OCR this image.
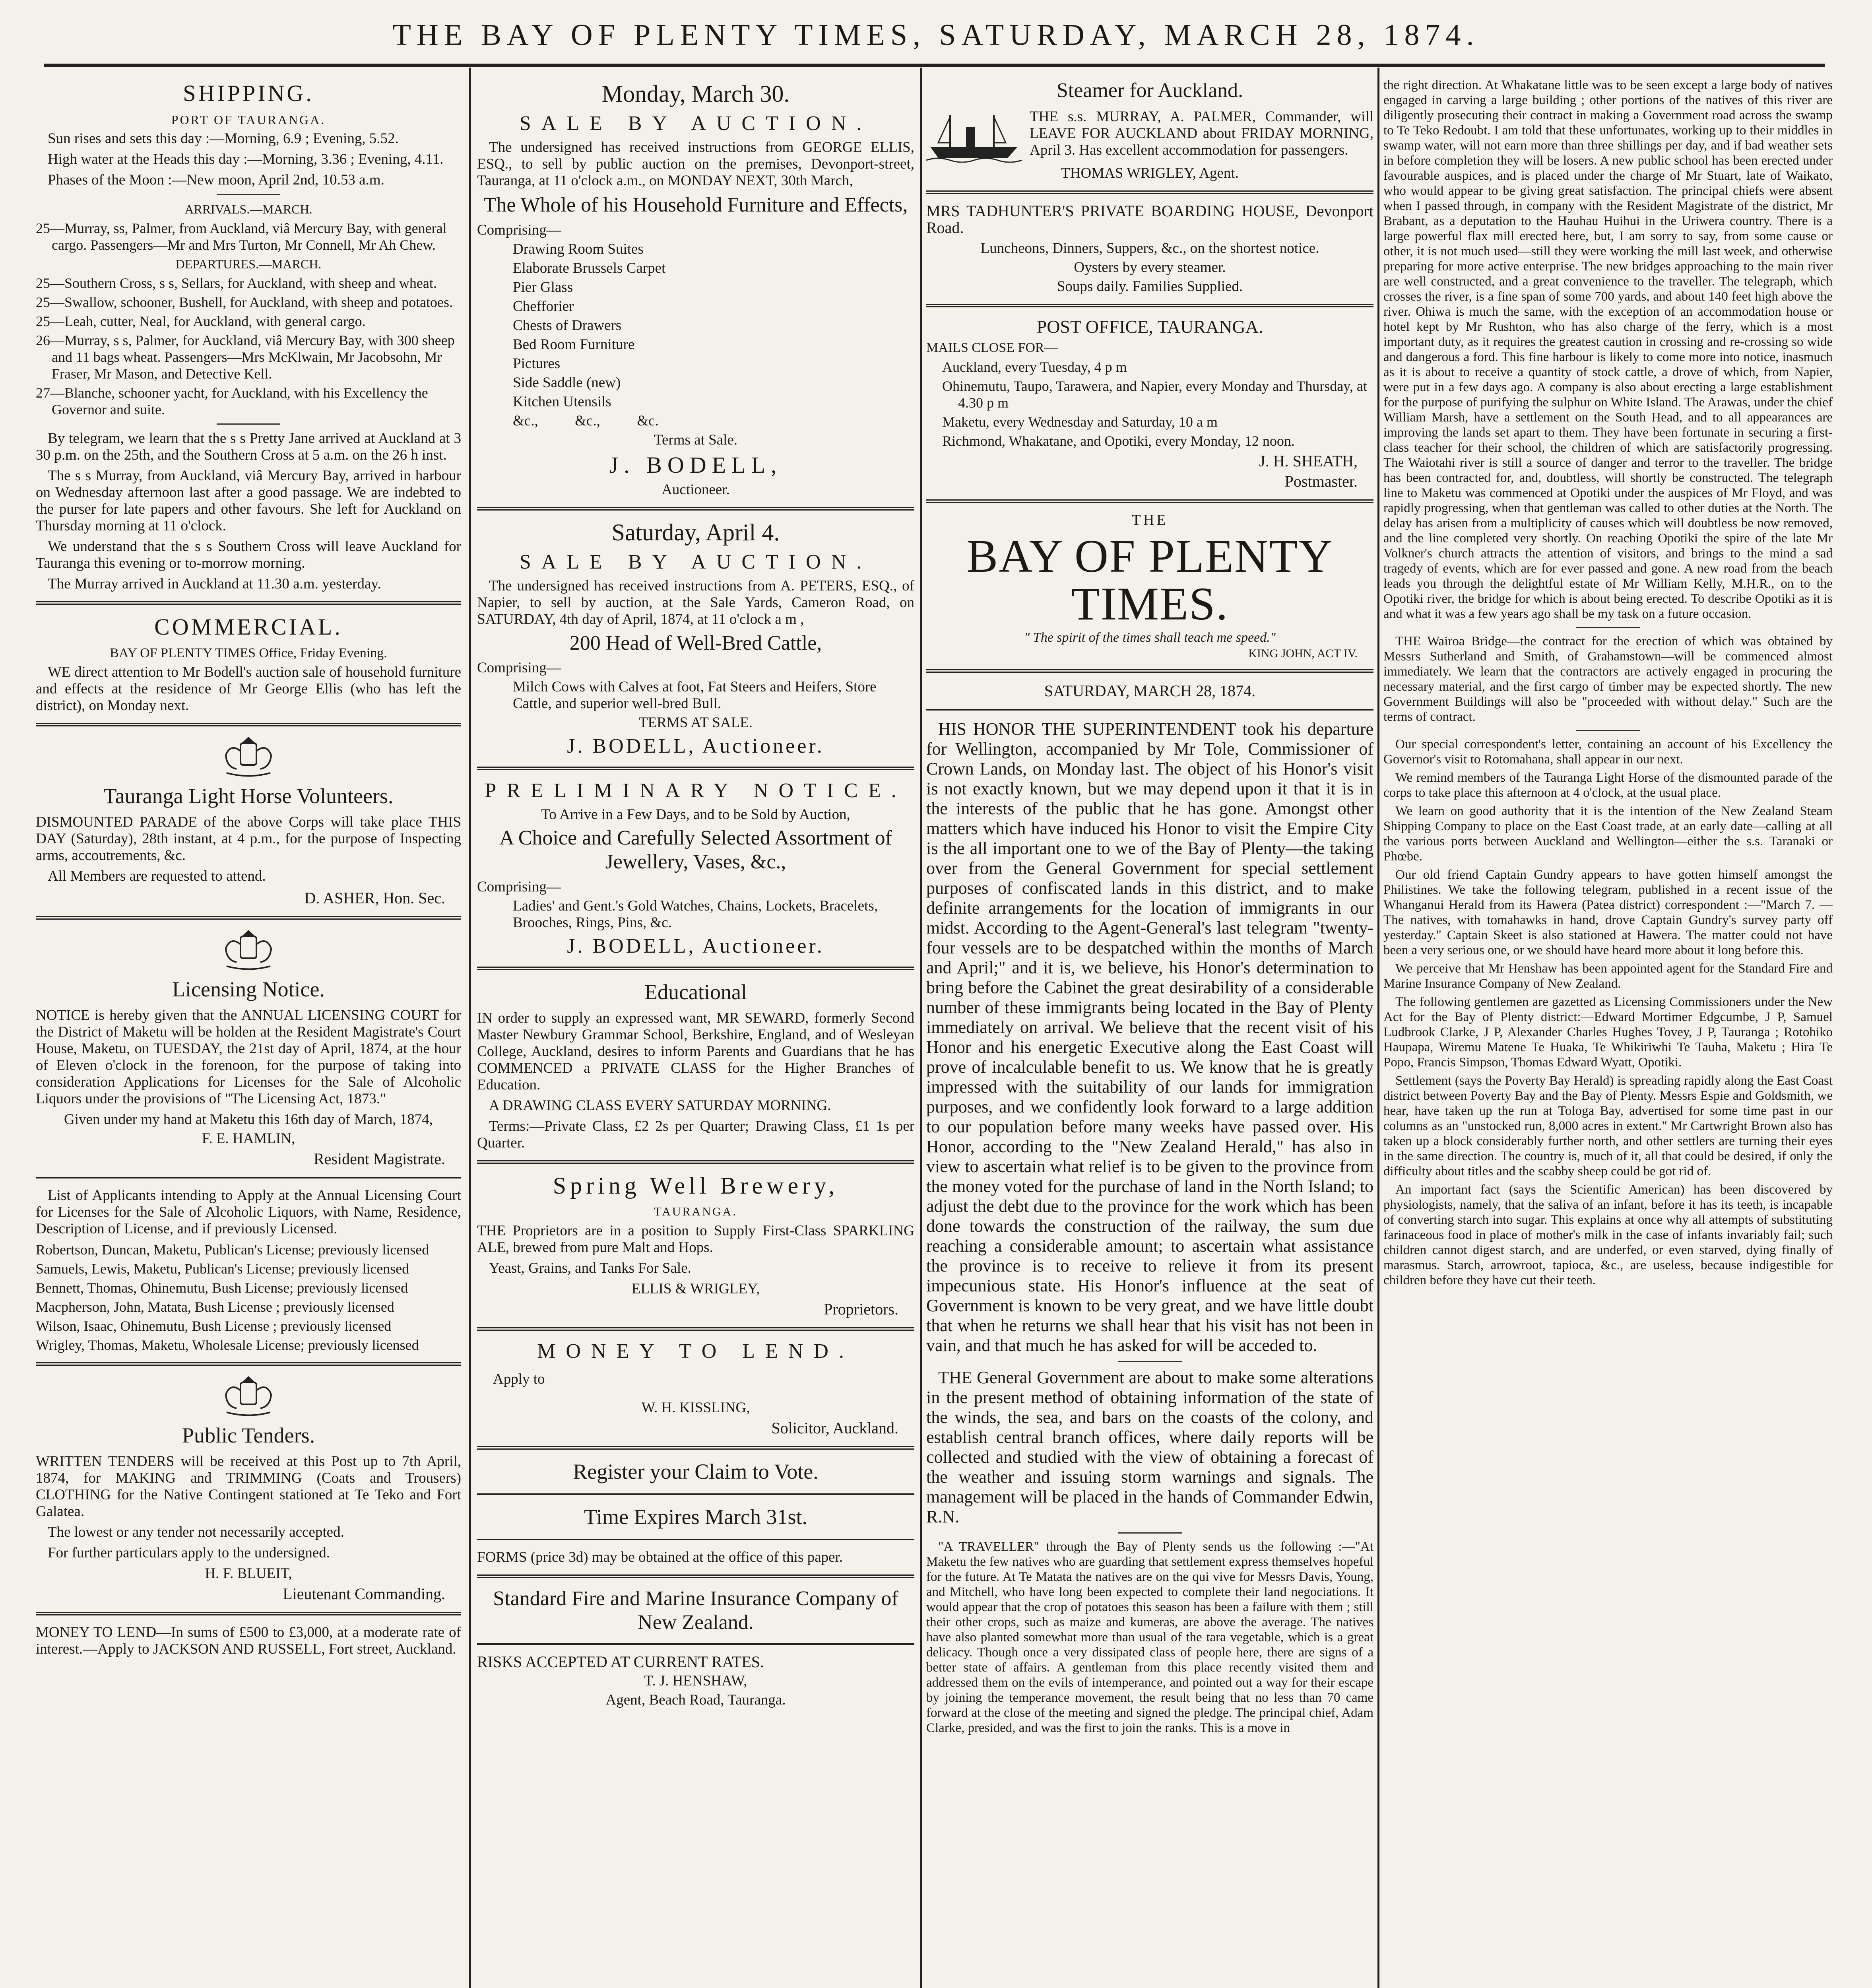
THE BAY OF PLENTY TIMES, SATURDAY, MARCH 28, 1874.
SHIPPING.
PORT OF TAURANGA.

Sun rises and sets this day :—Morning, 6.9 ; Evening, 5.52.

High water at the Heads this day :—Morning, 3.36 ; Evening, 4.11.

Phases of the Moon :—New moon, April 2nd, 10.53 a.m.

ARRIVALS.—MARCH.

25—Murray, ss, Palmer, from Auckland, viâ Mercury Bay, with general cargo. Passengers—Mr and Mrs Turton, Mr Connell, Mr Ah Chew.

DEPARTURES.—MARCH.

25—Southern Cross, s s, Sellars, for Auckland, with sheep and wheat.

25—Swallow, schooner, Bushell, for Auckland, with sheep and potatoes.

25—Leah, cutter, Neal, for Auckland, with general cargo.

26—Murray, s s, Palmer, for Auckland, viâ Mercury Bay, with 300 sheep and 11 bags wheat. Passengers—Mrs McKlwain, Mr Jacobsohn, Mr Fraser, Mr Mason, and Detective Kell.

27—Blanche, schooner yacht, for Auckland, with his Excellency the Governor and suite.

By telegram, we learn that the s s Pretty Jane arrived at Auckland at 3 30 p.m. on the 25th, and the Southern Cross at 5 a.m. on the 26 h inst.

The s s Murray, from Auckland, viâ Mercury Bay, arrived in harbour on Wednesday afternoon last after a good passage. We are indebted to the purser for late papers and other favours. She left for Auckland on Thursday morning at 11 o'clock.

We understand that the s s Southern Cross will leave Auckland for Tauranga this evening or to-morrow morning.

The Murray arrived in Auckland at 11.30 a.m. yesterday.

COMMERCIAL.
BAY OF PLENTY TIMES Office, Friday Evening.

WE direct attention to Mr Bodell's auction sale of household furniture and effects at the residence of Mr George Ellis (who has left the district), on Monday next.

Tauranga Light Horse Volunteers.

DISMOUNTED PARADE of the above Corps will take place THIS DAY (Saturday), 28th instant, at 4 p.m., for the purpose of Inspecting arms, accoutrements, &c.

All Members are requested to attend.

D. ASHER, Hon. Sec.
Licensing Notice.

NOTICE is hereby given that the ANNUAL LICENSING COURT for the District of Maketu will be holden at the Resident Magistrate's Court House, Maketu, on TUESDAY, the 21st day of April, 1874, at the hour of Eleven o'clock in the forenoon, for the purpose of taking into consideration Applications for Licenses for the Sale of Alcoholic Liquors under the provisions of "The Licensing Act, 1873."

Given under my hand at Maketu this 16th day of March, 1874,

F. E. HAMLIN,
Resident Magistrate.

List of Applicants intending to Apply at the Annual Licensing Court for Licenses for the Sale of Alcoholic Liquors, with Name, Residence, Description of License, and if previously Licensed.

Robertson, Duncan, Maketu, Publican's License; previously licensed

Samuels, Lewis, Maketu, Publican's License; previously licensed

Bennett, Thomas, Ohinemutu, Bush License; previously licensed

Macpherson, John, Matata, Bush License ; previously licensed

Wilson, Isaac, Ohinemutu, Bush License ; previously licensed

Wrigley, Thomas, Maketu, Wholesale License; previously licensed

Public Tenders.

WRITTEN TENDERS will be received at this Post up to 7th April, 1874, for MAKING and TRIMMING (Coats and Trousers) CLOTHING for the Native Contingent stationed at Te Teko and Fort Galatea.

The lowest or any tender not necessarily accepted.

For further particulars apply to the undersigned.

H. F. BLUEIT,
Lieutenant Commanding.

MONEY TO LEND—In sums of £500 to £3,000, at a moderate rate of interest.—Apply to JACKSON AND RUSSELL, Fort street, Auckland.

Monday, March 30.
SALE BY AUCTION.

The undersigned has received instructions from GEORGE ELLIS, ESQ., to sell by public auction on the premises, Devonport-street, Tauranga, at 11 o'clock a.m., on MONDAY NEXT, 30th March,

The Whole of his Household Furniture and Effects,
Comprising—
Drawing Room Suites
Elaborate Brussels Carpet
Pier Glass
Chefforier
Chests of Drawers
Bed Room Furniture
Pictures
Side Saddle (new)
Kitchen Utensils
&c.,          &c.,          &c.
Terms at Sale.
J. BODELL,
Auctioneer.
Saturday, April 4.
SALE BY AUCTION.

The undersigned has received instructions from A. PETERS, ESQ., of Napier, to sell by auction, at the Sale Yards, Cameron Road, on SATURDAY, 4th day of April, 1874, at 11 o'clock a m ,

200 Head of Well-Bred Cattle,
Comprising—

Milch Cows with Calves at foot, Fat Steers and Heifers, Store Cattle, and superior well-bred Bull.

TERMS AT SALE.
J. BODELL, Auctioneer.
PRELIMINARY NOTICE.

To Arrive in a Few Days, and to be Sold by Auction,

A Choice and Carefully Selected Assortment of Jewellery, Vases, &c.,
Comprising—

Ladies' and Gent.'s Gold Watches, Chains, Lockets, Bracelets, Brooches, Rings, Pins, &c.

J. BODELL, Auctioneer.
Educational

IN order to supply an expressed want, MR SEWARD, formerly Second Master Newbury Grammar School, Berkshire, England, and of Wesleyan College, Auckland, desires to inform Parents and Guardians that he has COMMENCED a PRIVATE CLASS for the Higher Branches of Education.

A DRAWING CLASS EVERY SATURDAY MORNING.

Terms:—Private Class, £2 2s per Quarter; Drawing Class, £1 1s per Quarter.

Spring Well Brewery,
TAURANGA.

THE Proprietors are in a position to Supply First-Class SPARKLING ALE, brewed from pure Malt and Hops.

Yeast, Grains, and Tanks For Sale.

ELLIS & WRIGLEY,
Proprietors.
MONEY TO LEND.
Apply to
W. H. KISSLING,
Solicitor, Auckland.
Register your Claim to Vote.
Time Expires March 31st.

FORMS (price 3d) may be obtained at the office of this paper.

Standard Fire and Marine Insurance Company of New Zealand.
RISKS ACCEPTED AT CURRENT RATES.
T. J. HENSHAW,
Agent, Beach Road, Tauranga.
Steamer for Auckland.

THE s.s. MURRAY, A. PALMER, Commander, will LEAVE FOR AUCKLAND about FRIDAY MORNING, April 3. Has excellent accommodation for passengers.

THOMAS WRIGLEY, Agent.

MRS TADHUNTER'S PRIVATE BOARDING HOUSE, Devonport Road.

Luncheons, Dinners, Suppers, &c., on the shortest notice.

Oysters by every steamer.

Soups daily. Families Supplied.

POST OFFICE, TAURANGA.
MAILS CLOSE FOR—

Auckland, every Tuesday, 4 p m

Ohinemutu, Taupo, Tarawera, and Napier, every Monday and Thursday, at 4.30 p m

Maketu, every Wednesday and Saturday, 10 a m

Richmond, Whakatane, and Opotiki, every Monday, 12 noon.

J. H. SHEATH,
Postmaster.
THE
BAY OF PLENTY TIMES.
" The spirit of the times shall teach me speed."
KING JOHN, ACT IV.
SATURDAY, MARCH 28, 1874.

HIS HONOR THE SUPERINTENDENT took his departure for Wellington, accompanied by Mr Tole, Commissioner of Crown Lands, on Monday last. The object of his Honor's visit is not exactly known, but we may depend upon it that it is in the interests of the public that he has gone. Amongst other matters which have induced his Honor to visit the Empire City is the all important one to we of the Bay of Plenty—the taking over from the General Government for special settlement purposes of confiscated lands in this district, and to make definite arrangements for the location of immigrants in our midst. According to the Agent-General's last telegram "twenty-four vessels are to be despatched within the months of March and April;" and it is, we believe, his Honor's determination to bring before the Cabinet the great desirability of a considerable number of these immigrants being located in the Bay of Plenty immediately on arrival. We believe that the recent visit of his Honor and his energetic Executive along the East Coast will prove of incalculable benefit to us. We know that he is greatly impressed with the suitability of our lands for immigration purposes, and we confidently look forward to a large addition to our population before many weeks have passed over. His Honor, according to the "New Zealand Herald," has also in view to ascertain what relief is to be given to the province from the money voted for the purchase of land in the North Island; to adjust the debt due to the province for the work which has been done towards the construction of the railway, the sum due reaching a considerable amount; to ascertain what assistance the province is to receive to relieve it from its present impecunious state. His Honor's influence at the seat of Government is known to be very great, and we have little doubt that when he returns we shall hear that his visit has not been in vain, and that much he has asked for will be acceded to.

THE General Government are about to make some alterations in the present method of obtaining information of the state of the winds, the sea, and bars on the coasts of the colony, and establish central branch offices, where daily reports will be collected and studied with the view of obtaining a forecast of the weather and issuing storm warnings and signals. The management will be placed in the hands of Commander Edwin, R.N.

"A TRAVELLER" through the Bay of Plenty sends us the following :—"At Maketu the few natives who are guarding that settlement express themselves hopeful for the future. At Te Matata the natives are on the qui vive for Messrs Davis, Young, and Mitchell, who have long been expected to complete their land negociations. It would appear that the crop of potatoes this season has been a failure with them ; still their other crops, such as maize and kumeras, are above the average. The natives have also planted somewhat more than usual of the tara vegetable, which is a great delicacy. Though once a very dissipated class of people here, there are signs of a better state of affairs. A gentleman from this place recently visited them and addressed them on the evils of intemperance, and pointed out a way for their escape by joining the temperance movement, the result being that no less than 70 came forward at the close of the meeting and signed the pledge. The principal chief, Adam Clarke, presided, and was the first to join the ranks. This is a move in

the right direction. At Whakatane little was to be seen except a large body of natives engaged in carving a large building ; other portions of the natives of this river are diligently prosecuting their contract in making a Government road across the swamp to Te Teko Redoubt. I am told that these unfortunates, working up to their middles in swamp water, will not earn more than three shillings per day, and if bad weather sets in before completion they will be losers. A new public school has been erected under favourable auspices, and is placed under the charge of Mr Stuart, late of Waikato, who would appear to be giving great satisfaction. The principal chiefs were absent when I passed through, in company with the Resident Magistrate of the district, Mr Brabant, as a deputation to the Hauhau Huihui in the Uriwera country. There is a large powerful flax mill erected here, but, I am sorry to say, from some cause or other, it is not much used—still they were working the mill last week, and otherwise preparing for more active enterprise. The new bridges approaching to the main river are well constructed, and a great convenience to the traveller. The telegraph, which crosses the river, is a fine span of some 700 yards, and about 140 feet high above the river. Ohiwa is much the same, with the exception of an accommodation house or hotel kept by Mr Rushton, who has also charge of the ferry, which is a most important duty, as it requires the greatest caution in crossing and re-crossing so wide and dangerous a ford. This fine harbour is likely to come more into notice, inasmuch as it is about to receive a quantity of stock cattle, a drove of which, from Napier, were put in a few days ago. A company is also about erecting a large establishment for the purpose of purifying the sulphur on White Island. The Arawas, under the chief William Marsh, have a settlement on the South Head, and to all appearances are improving the lands set apart to them. They have been fortunate in securing a first-class teacher for their school, the children of which are satisfactorily progressing. The Waiotahi river is still a source of danger and terror to the traveller. The bridge has been contracted for, and, doubtless, will shortly be constructed. The telegraph line to Maketu was commenced at Opotiki under the auspices of Mr Floyd, and was rapidly progressing, when that gentleman was called to other duties at the North. The delay has arisen from a multiplicity of causes which will doubtless be now removed, and the line completed very shortly. On reaching Opotiki the spire of the late Mr Volkner's church attracts the attention of visitors, and brings to the mind a sad tragedy of events, which are for ever passed and gone. A new road from the beach leads you through the delightful estate of Mr William Kelly, M.H.R., on to the Opotiki river, the bridge for which is about being erected. To describe Opotiki as it is and what it was a few years ago shall be my task on a future occasion.

THE Wairoa Bridge—the contract for the erection of which was obtained by Messrs Sutherland and Smith, of Grahamstown—will be commenced almost immediately. We learn that the contractors are actively engaged in procuring the necessary material, and the first cargo of timber may be expected shortly. The new Government Buildings will also be "proceeded with without delay." Such are the terms of contract.

Our special correspondent's letter, containing an account of his Excellency the Governor's visit to Rotomahana, shall appear in our next.

We remind members of the Tauranga Light Horse of the dismounted parade of the corps to take place this afternoon at 4 o'clock, at the usual place.

We learn on good authority that it is the intention of the New Zealand Steam Shipping Company to place on the East Coast trade, at an early date—calling at all the various ports between Auckland and Wellington—either the s.s. Taranaki or Phœbe.

Our old friend Captain Gundry appears to have gotten himself amongst the Philistines. We take the following telegram, published in a recent issue of the Whanganui Herald from its Hawera (Patea district) correspondent :—"March 7. — The natives, with tomahawks in hand, drove Captain Gundry's survey party off yesterday." Captain Skeet is also stationed at Hawera. The matter could not have been a very serious one, or we should have heard more about it long before this.

We perceive that Mr Henshaw has been appointed agent for the Standard Fire and Marine Insurance Company of New Zealand.

The following gentlemen are gazetted as Licensing Commissioners under the New Act for the Bay of Plenty district:—Edward Mortimer Edgcumbe, J P, Samuel Ludbrook Clarke, J P, Alexander Charles Hughes Tovey, J P, Tauranga ; Rotohiko Haupapa, Wiremu Matene Te Huaka, Te Whikiriwhi Te Tauha, Maketu ; Hira Te Popo, Francis Simpson, Thomas Edward Wyatt, Opotiki.

Settlement (says the Poverty Bay Herald) is spreading rapidly along the East Coast district between Poverty Bay and the Bay of Plenty. Messrs Espie and Goldsmith, we hear, have taken up the run at Tologa Bay, advertised for some time past in our columns as an "unstocked run, 8,000 acres in extent." Mr Cartwright Brown also has taken up a block considerably further north, and other settlers are turning their eyes in the same direction. The country is, much of it, all that could be desired, if only the difficulty about titles and the scabby sheep could be got rid of.

An important fact (says the Scientific American) has been discovered by physiologists, namely, that the saliva of an infant, before it has its teeth, is incapable of converting starch into sugar. This explains at once why all attempts of substituting farinaceous food in place of mother's milk in the case of infants invariably fail; such children cannot digest starch, and are underfed, or even starved, dying finally of marasmus. Starch, arrowroot, tapioca, &c., are useless, because indigestible for children before they have cut their teeth.
